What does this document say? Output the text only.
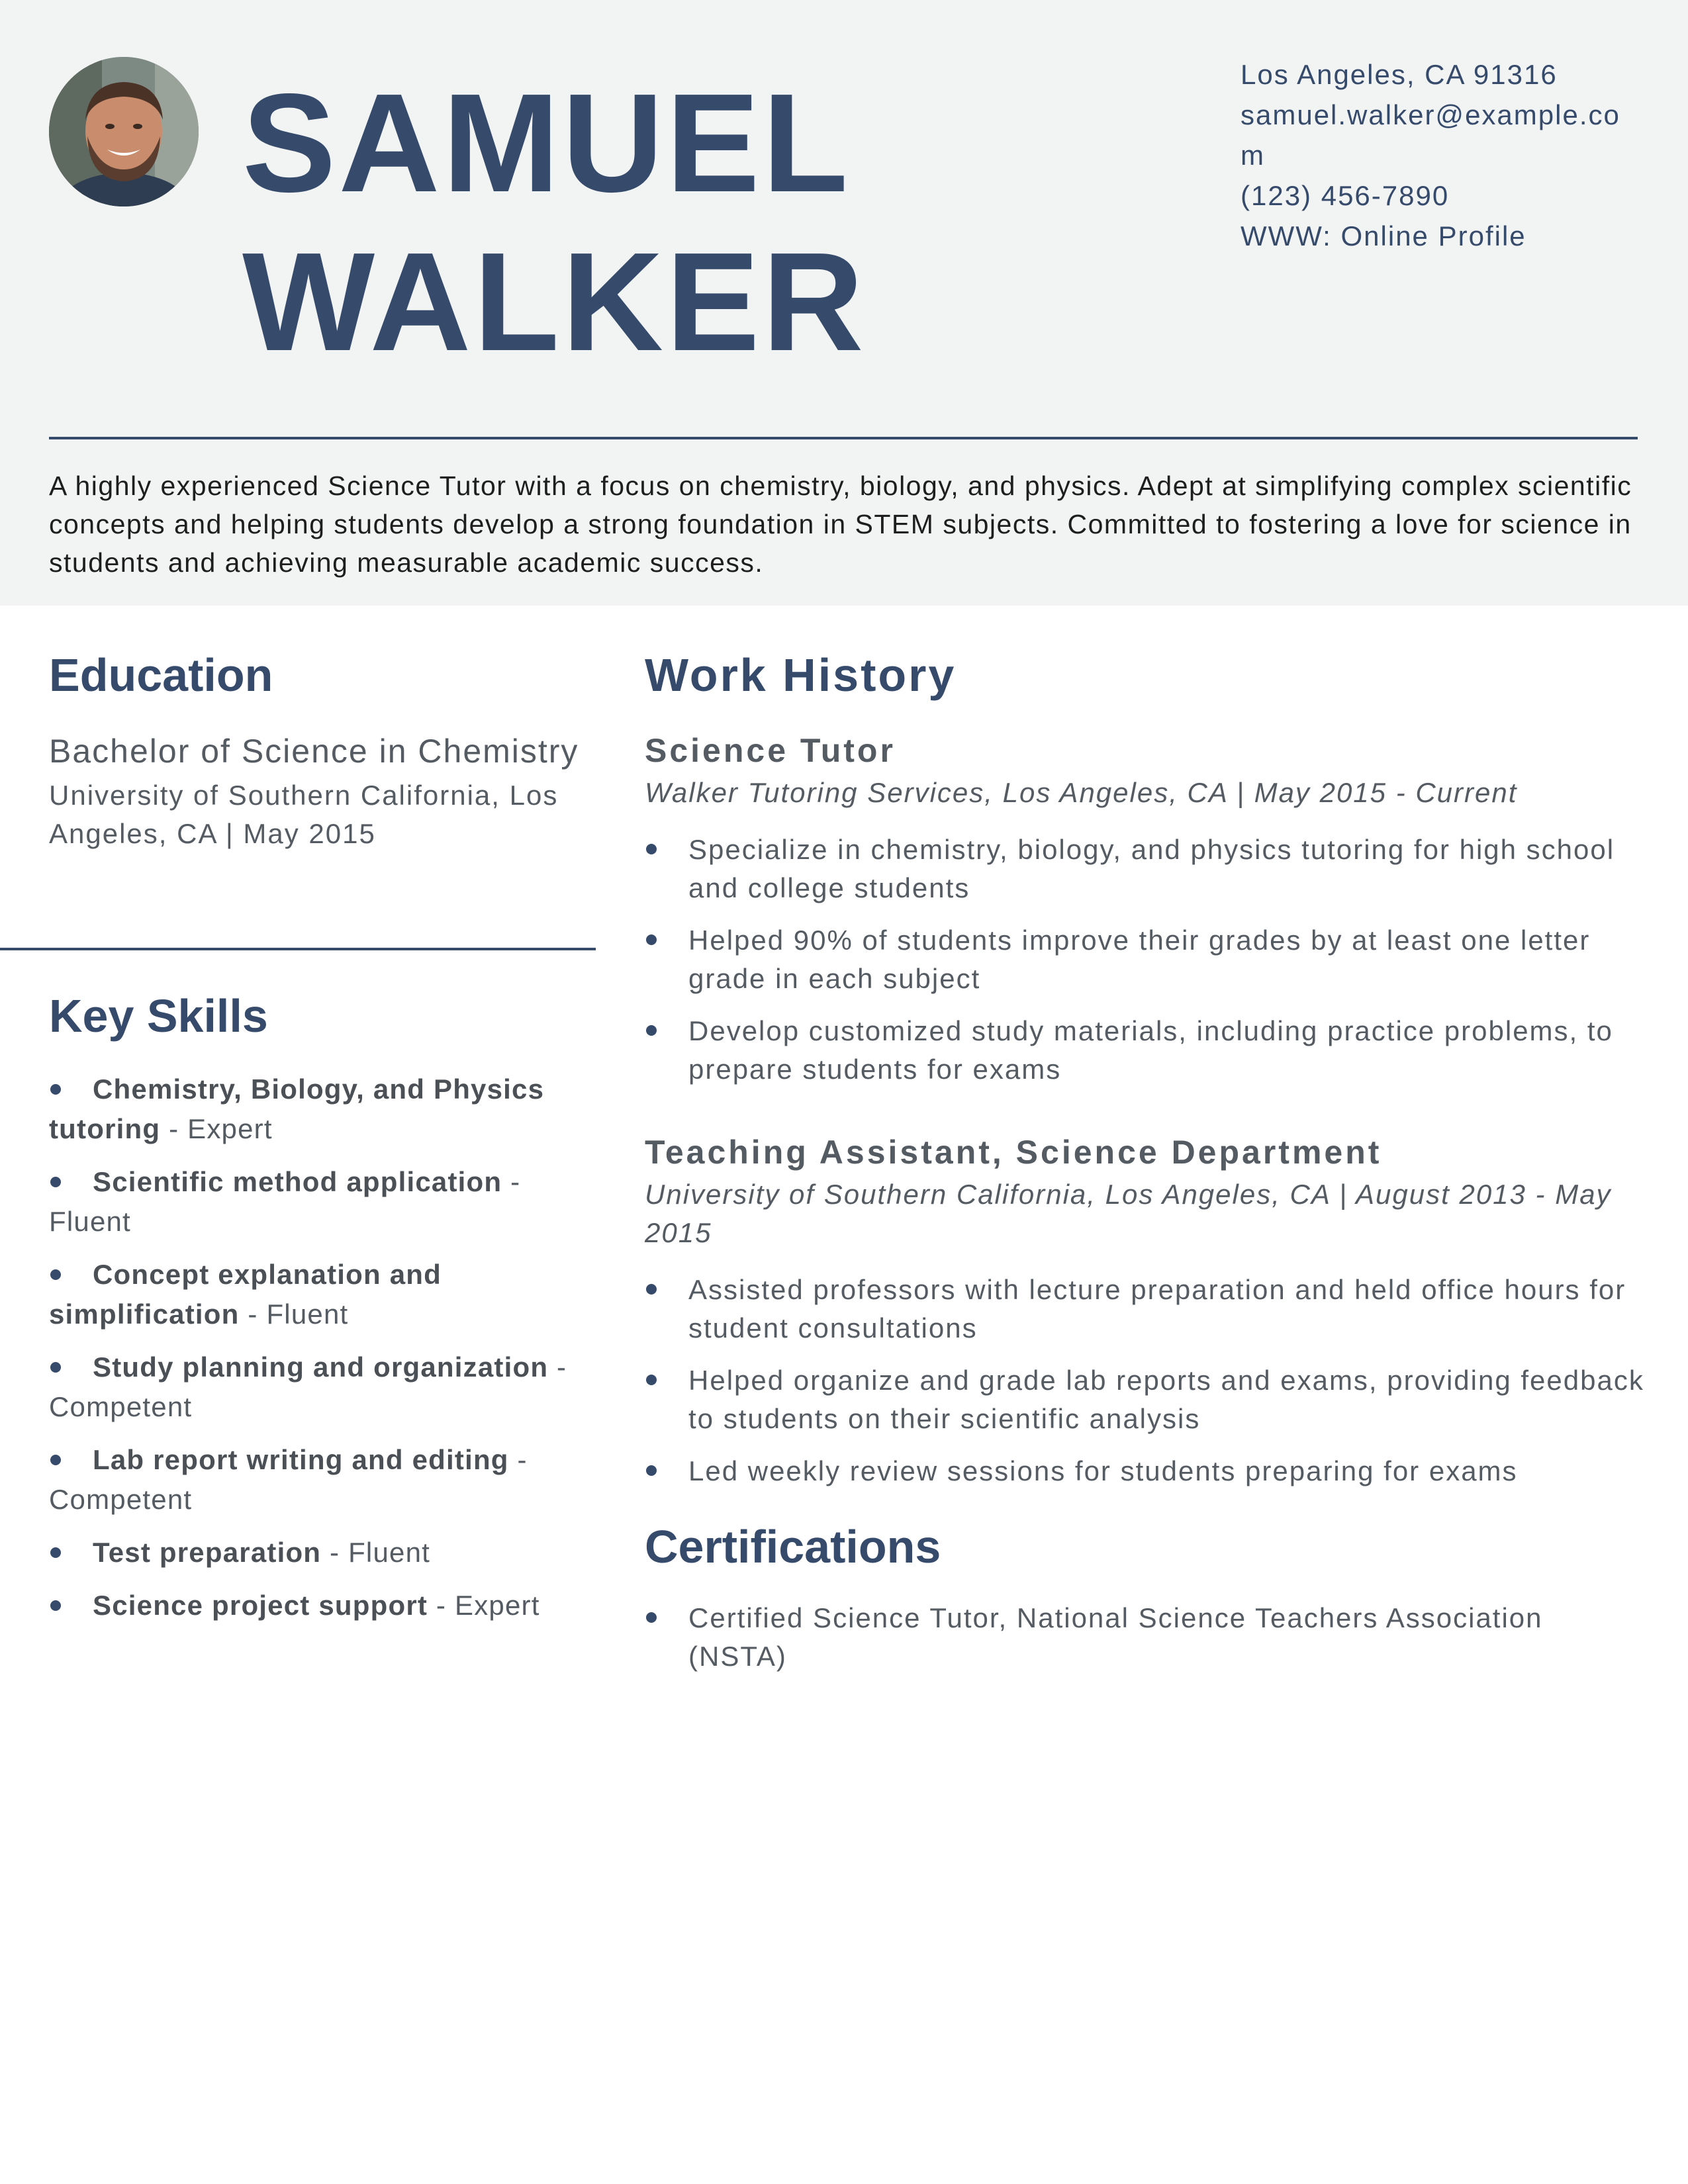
SAMUEL
WALKER
Los Angeles, CA 91316
samuel.walker@example.com
(123) 456-7890
WWW: Online Profile
A highly experienced Science Tutor with a focus on chemistry, biology, and physics. Adept at simplifying complex scientific concepts and helping students develop a strong foundation in STEM subjects. Committed to fostering a love for science in students and achieving measurable academic success.
Education
Bachelor of Science in Chemistry
University of Southern California, Los Angeles, CA | May 2015
Key Skills
Chemistry, Biology, and Physics tutoring - Expert
Scientific method application - Fluent
Concept explanation and simplification - Fluent
Study planning and organization - Competent
Lab report writing and editing - Competent
Test preparation - Fluent
Science project support - Expert
Work History
Science Tutor
Walker Tutoring Services, Los Angeles, CA | May 2015 - Current
Specialize in chemistry, biology, and physics tutoring for high school and college students
Helped 90% of students improve their grades by at least one letter grade in each subject
Develop customized study materials, including practice problems, to prepare students for exams
Teaching Assistant, Science Department
University of Southern California, Los Angeles, CA | August 2013 - May 2015
Assisted professors with lecture preparation and held office hours for student consultations
Helped organize and grade lab reports and exams, providing feedback to students on their scientific analysis
Led weekly review sessions for students preparing for exams
Certifications
Certified Science Tutor, National Science Teachers Association (NSTA)
